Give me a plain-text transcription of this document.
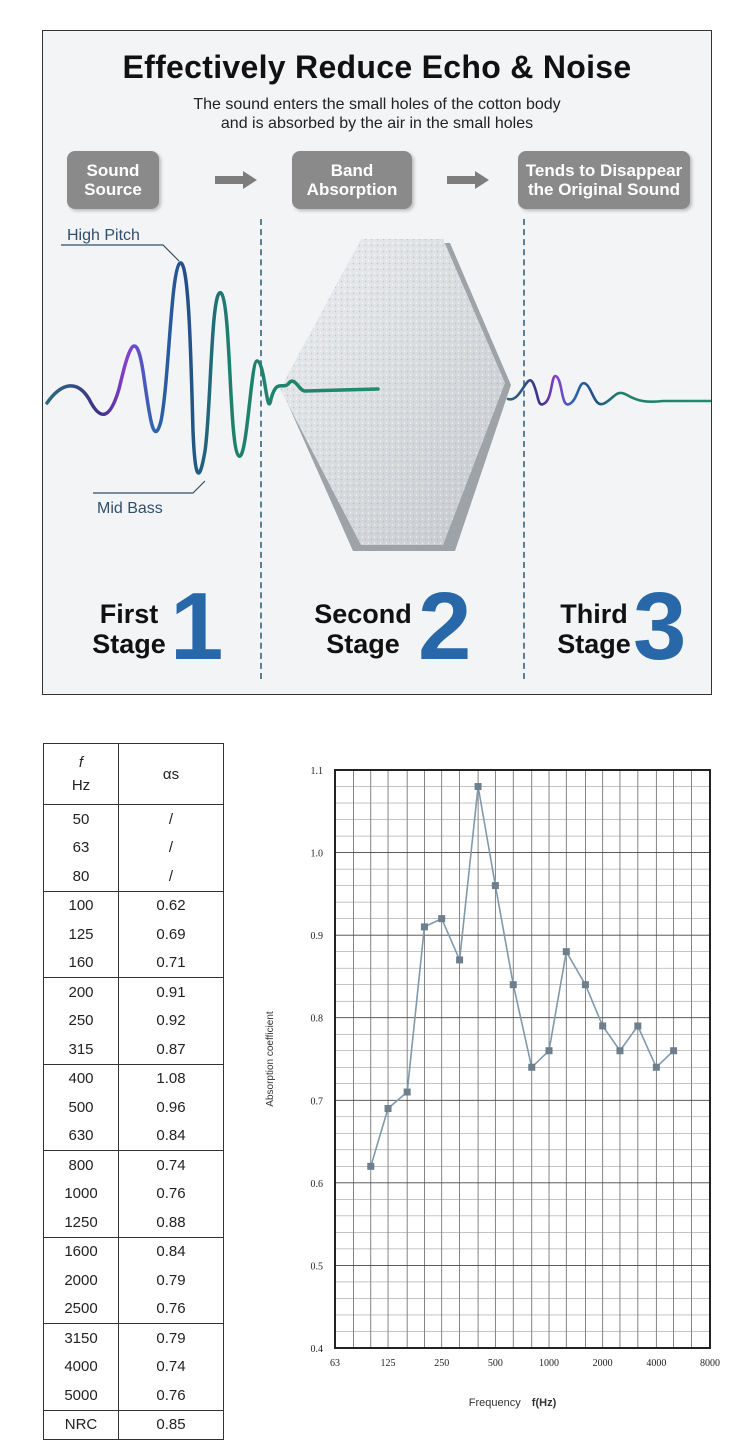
Effectively Reduce Echo & Noise
The sound enters the small holes of the cotton body
and is absorbed by the air in the small holes
Sound
Source
Band
Absorption
Tends to Disappear
the Original Sound
High Pitch
Mid Bass
First
Stage 1	Second
Stage 2	Third
Stage 3
f
Hz	αs
50	/
63	/
80	/
100	0.62
125	0.69
160	0.71
200	0.91
250	0.92
315	0.87
400	1.08
500	0.96
630	0.84
800	0.74
1000	0.76
1250	0.88
1600	0.84
2000	0.79
2500	0.76
3150	0.79
4000	0.74
5000	0.76
NRC	0.85
0.4
0.5
0.6
0.7
0.8
0.9
1.0
1.1
63	125	250	500	1000	2000	4000	8000
Absorption coefficient
Frequency f(Hz)
